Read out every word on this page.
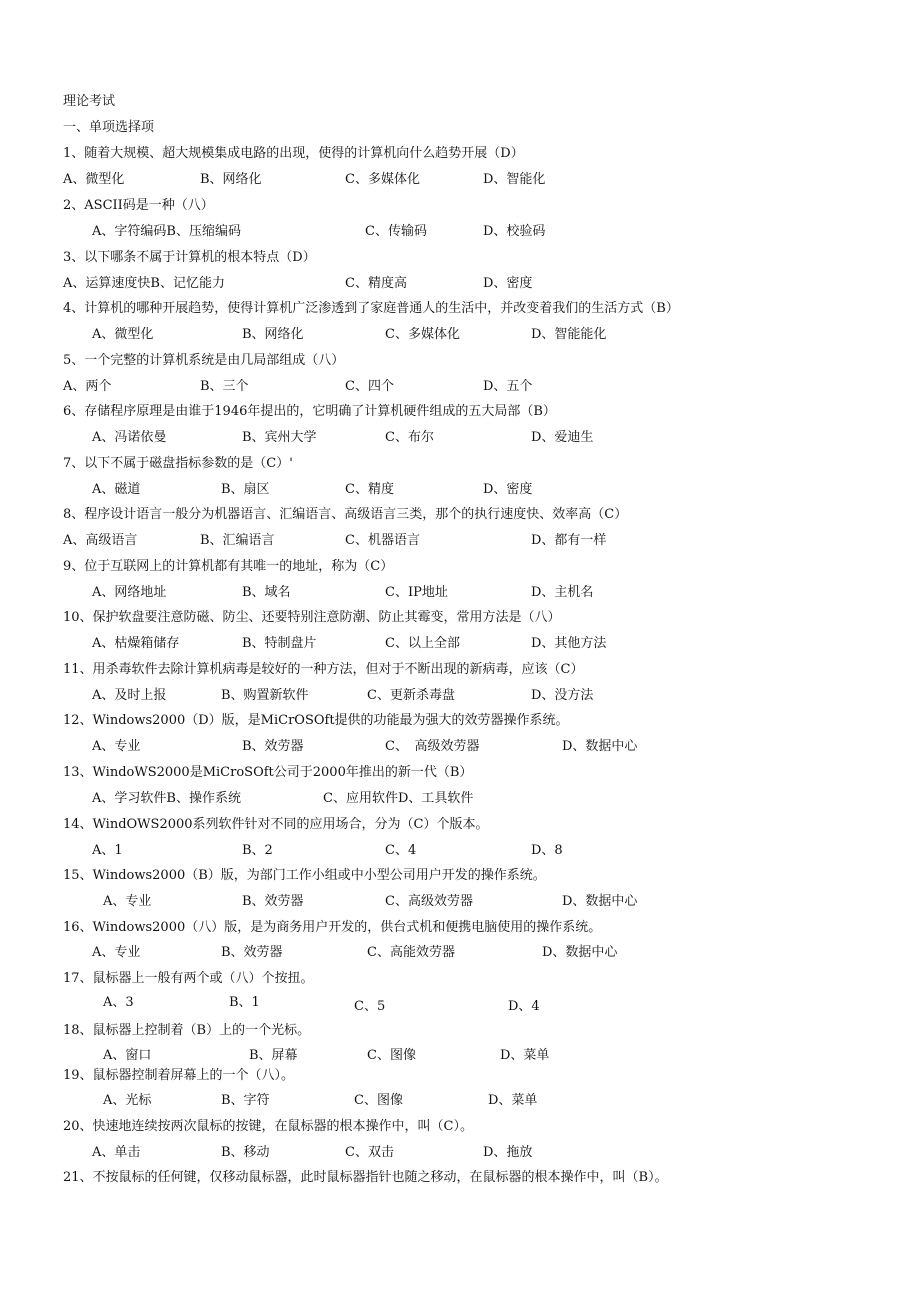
理论考试
一、单项选择项
1、随着大规模、超大规模集成电路的出现，使得的计算机向什么趋势开展（D）
A、微型化	B、网络化	C、多媒体化	D、智能化
2、ASCII码是一种（八）
A、字符编码B、压缩编码	C、传输码	D、校验码
3、以下哪条不属于计算机的根本特点（D）
A、运算速度快B、记忆能力	C、精度高	D、密度
4、计算机的哪种开展趋势，使得计算机广泛渗透到了家庭普通人的生活中，并改变着我们的生活方式（B）
A、微型化	B、网络化	C、多媒体化	D、智能能化
5、一个完整的计算机系统是由几局部组成（八）
A、两个	B、三个	C、四个	D、五个
6、存储程序原理是由谁于1946年提出的，它明确了计算机硬件组成的五大局部（B）
A、冯诺依曼	B、宾州大学	C、布尔	D、爱迪生
7、以下不属于磁盘指标参数的是（C）'
A、磁道	B、扇区	C、精度	D、密度
8、程序设计语言一般分为机器语言、汇编语言、高级语言三类，那个的执行速度快、效率高（C）
A、高级语言	B、汇编语言	C、机器语言	D、都有一样
9、位于互联网上的计算机都有其唯一的地址，称为（C）
A、网络地址	B、域名	C、IP地址	D、主机名
10、保护软盘要注意防磁、防尘、还要特别注意防潮、防止其霉变，常用方法是（八）
A、枯燥箱储存	B、特制盘片	C、以上全部	D、其他方法
11、用杀毒软件去除计算机病毒是较好的一种方法，但对于不断出现的新病毒，应该（C）
A、及时上报	B、购置新软件	C、更新杀毒盘	D、没方法
12、Windows2000（D）版，是MiCrOSOft提供的功能最为强大的效劳器操作系统。
A、专业	B、效劳器	C、　高级效劳器	D、数据中心
13、WindoWS2000是MiCroSOft公司于2000年推出的新一代（B）
A、学习软件B、操作系统	C、应用软件D、工具软件
14、WindOWS2000系列软件针对不同的应用场合，分为（C）个版本。
A、1	B、2	C、4	D、8
15、Windows2000（B）版，为部门工作小组或中小型公司用户开发的操作系统。
A、专业	B、效劳器	C、高级效劳器	D、数据中心
16、Windows2000（八）版，是为商务用户开发的，供台式机和便携电脑使用的操作系统。
A、专业	B、效劳器	C、高能效劳器	D、数据中心
17、鼠标器上一般有两个或（八）个按扭。
A、3	B、1	C、5	D、4
18、鼠标器上控制着（B）上的一个光标。
A、窗口	B、屏幕	C、图像	D、菜单
19、鼠标器控制着屏幕上的一个（八）。
A、光标	B、字符	C、图像	D、菜单
20、快速地连续按两次鼠标的按键，在鼠标器的根本操作中，叫（C）。
A、单击	B、移动	C、双击	D、拖放
21、不按鼠标的任何键，仅移动鼠标器，此时鼠标器指针也随之移动，在鼠标器的根本操作中，叫（B）。
